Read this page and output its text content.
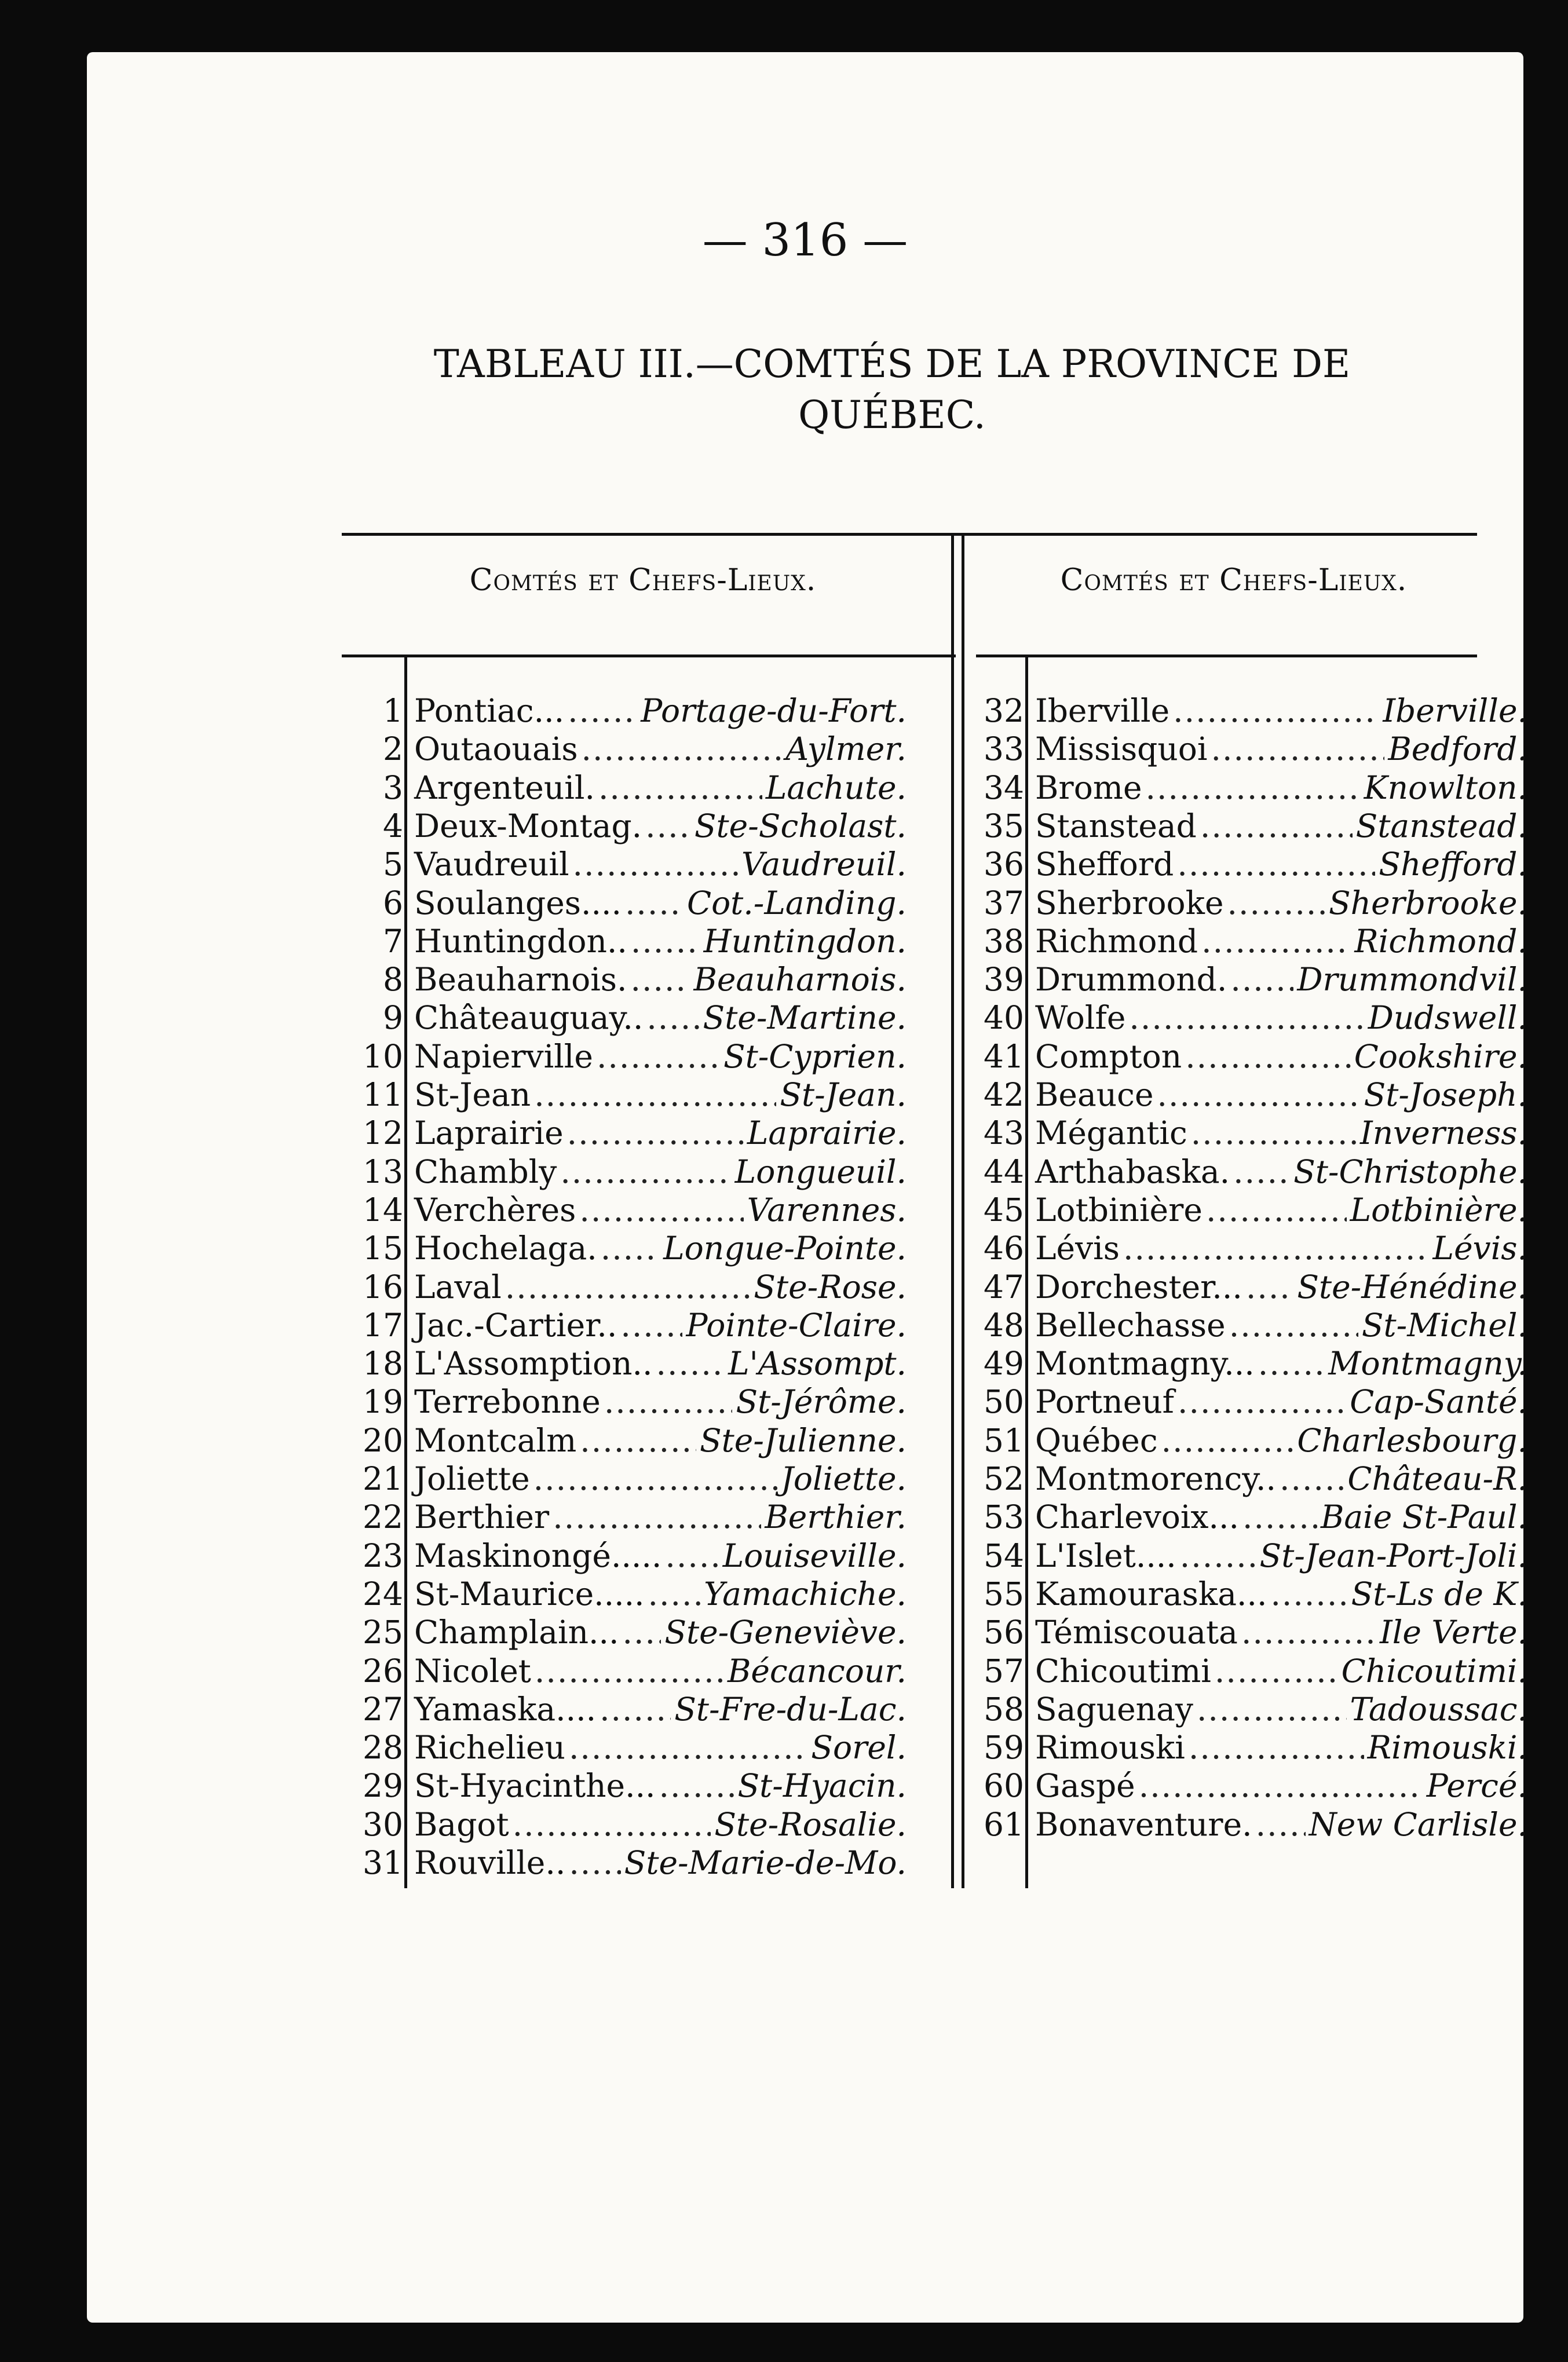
— 316 —
TABLEAU III.—COMTÉS DE LA PROVINCE DE
QUÉBEC.
Comtés et Chefs-Lieux.	Comtés et Chefs-Lieux.
1 Pontiac... ..... Portage-du-Fort.
2 Outaouais .....	Aylmer.
3 Argenteuil. .....	Lachute.
4 Deux-Montag. ..... Ste-Scholast.
5 Vaudreuil .....	Vaudreuil.
6 Soulanges.... ..... Cot.-Landing.
7 Huntingdon.. ..... Huntingdon.
8 Beauharnois. ..... Beauharnois.
9 Châteauguay.. ..... Ste-Martine.
10 Napierville .....	St-Cyprien.
11 St-Jean .....	St-Jean.
12 Laprairie .....	Laprairie.
13 Chambly .....	Longueuil.
14 Verchères .....	Varennes.
15 Hochelaga. ..... Longue-Pointe.
16 Laval .....	Ste-Rose.
17 Jac.-Cartier.. ..... Pointe-Claire.
18 L'Assomption.. ..... L'Assompt.
19 Terrebonne .....	St-Jérôme.
20 Montcalm .....	Ste-Julienne.
21 Joliette .....	Joliette.
22 Berthier .....	Berthier.
23 Maskinongé..... ..... Louiseville.
24 St-Maurice..... ..... Yamachiche.
25 Champlain... ..... Ste-Geneviève.
26 Nicolet .....	Bécancour.
27 Yamaska.... ..... St-Fre-du-Lac.
28 Richelieu .....	Sorel.
29 St-Hyacinthe... .....	St-Hyacin.
30 Bagot .....	Ste-Rosalie.
31 Rouville.. ..... Ste-Marie-de-Mo.
32 Iberville .....	Iberville.
33 Missisquoi .....	Bedford.
34 Brome .....	Knowlton.
35 Stanstead .....	Stanstead.
36 Shefford .....	Shefford.
37 Sherbrooke .....	Sherbrooke.
38 Richmond .....	Richmond.
39 Drummond. ..... Drummondvil.
40 Wolfe .....	Dudswell.
41 Compton .....	Cookshire.
42 Beauce .....	St-Joseph.
43 Mégantic .....	Inverness.
44 Arthabaska. ..... St-Christophe.
45 Lotbinière .....	Lotbinière.
46 Lévis .....	Lévis.
47 Dorchester... ..... Ste-Hénédine.
48 Bellechasse .....	St-Michel.
49 Montmagny... ..... Montmagny.
50 Portneuf .....	Cap-Santé.
51 Québec .....	Charlesbourg.
52 Montmorency.. ..... Château-R.
53 Charlevoix... .....	Baie St-Paul.
54 L'Islet.... .....	St-Jean-Port-Joli.
55 Kamouraska... .....	St-Ls de K.
56 Témiscouata .....	Ile Verte.
57 Chicoutimi .....	Chicoutimi.
58 Saguenay .....	Tadoussac.
59 Rimouski .....	Rimouski.
60 Gaspé .....	Percé.
61 Bonaventure. ..... New Carlisle.
